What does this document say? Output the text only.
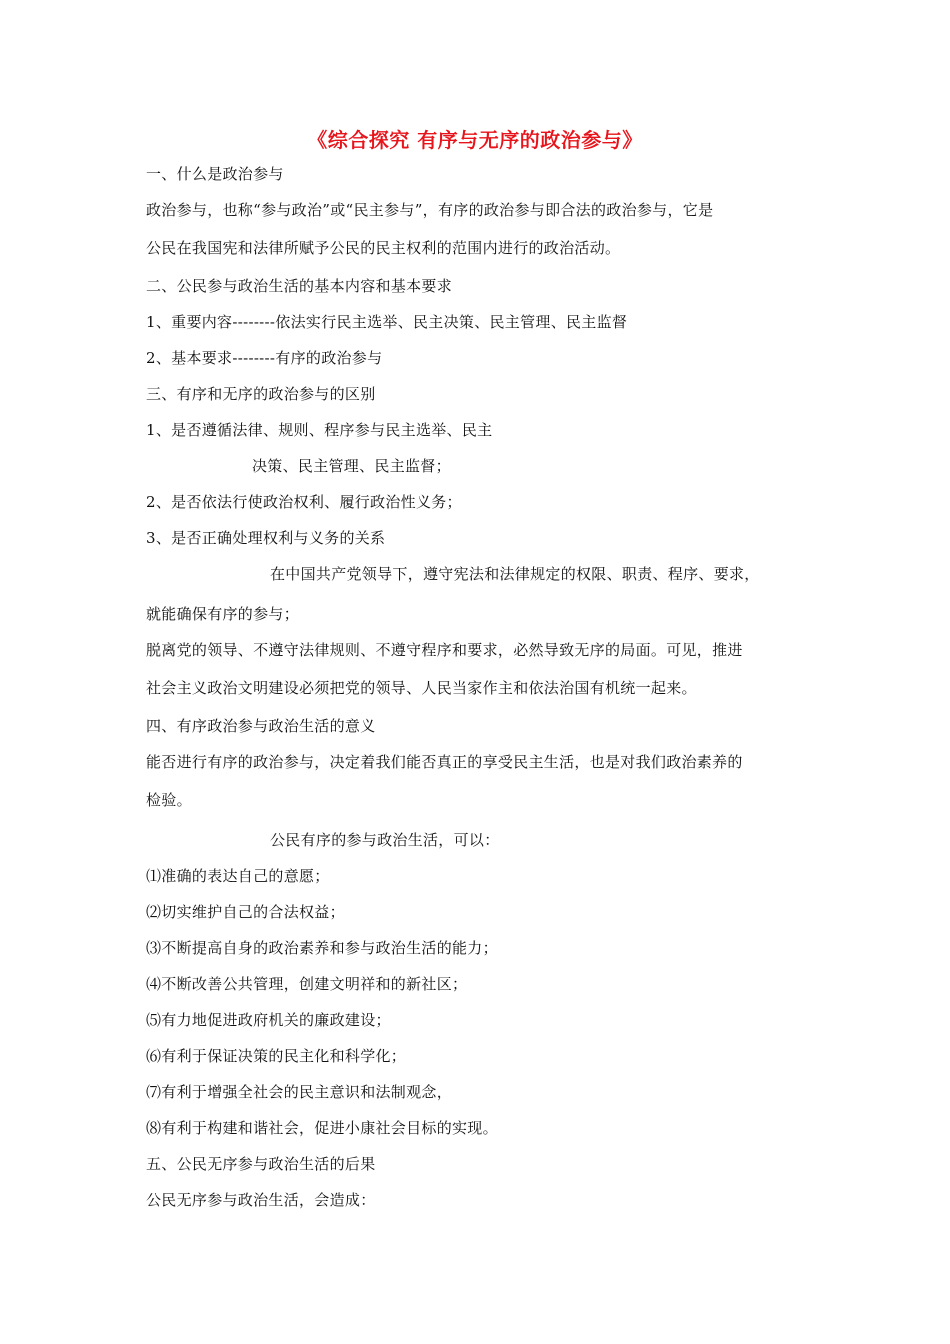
《综合探究 有序与无序的政治参与》
一、什么是政治参与
政治参与，也称“参与政治”或“民主参与”，有序的政治参与即合法的政治参与，它是
公民在我国宪和法律所赋予公民的民主权利的范围内进行的政治活动。
二、公民参与政治生活的基本内容和基本要求
1、重要内容--------依法实行民主选举、民主决策、民主管理、民主监督
2、基本要求--------有序的政治参与
三、有序和无序的政治参与的区别
1、是否遵循法律、规则、程序参与民主选举、民主
决策、民主管理、民主监督；
2、是否依法行使政治权利、履行政治性义务；
3、是否正确处理权利与义务的关系
在中国共产党领导下，遵守宪法和法律规定的权限、职责、程序、要求，
就能确保有序的参与；
脱离党的领导、不遵守法律规则、不遵守程序和要求，必然导致无序的局面。可见，推进
社会主义政治文明建设必须把党的领导、人民当家作主和依法治国有机统一起来。
四、有序政治参与政治生活的意义
能否进行有序的政治参与，决定着我们能否真正的享受民主生活，也是对我们政治素养的
检验。
公民有序的参与政治生活，可以：
⑴准确的表达自己的意愿；
⑵切实维护自己的合法权益；
⑶不断提高自身的政治素养和参与政治生活的能力；
⑷不断改善公共管理，创建文明祥和的新社区；
⑸有力地促进政府机关的廉政建设；
⑹有利于保证决策的民主化和科学化；
⑺有利于增强全社会的民主意识和法制观念，
⑻有利于构建和谐社会，促进小康社会目标的实现。
五、公民无序参与政治生活的后果
公民无序参与政治生活，会造成：
